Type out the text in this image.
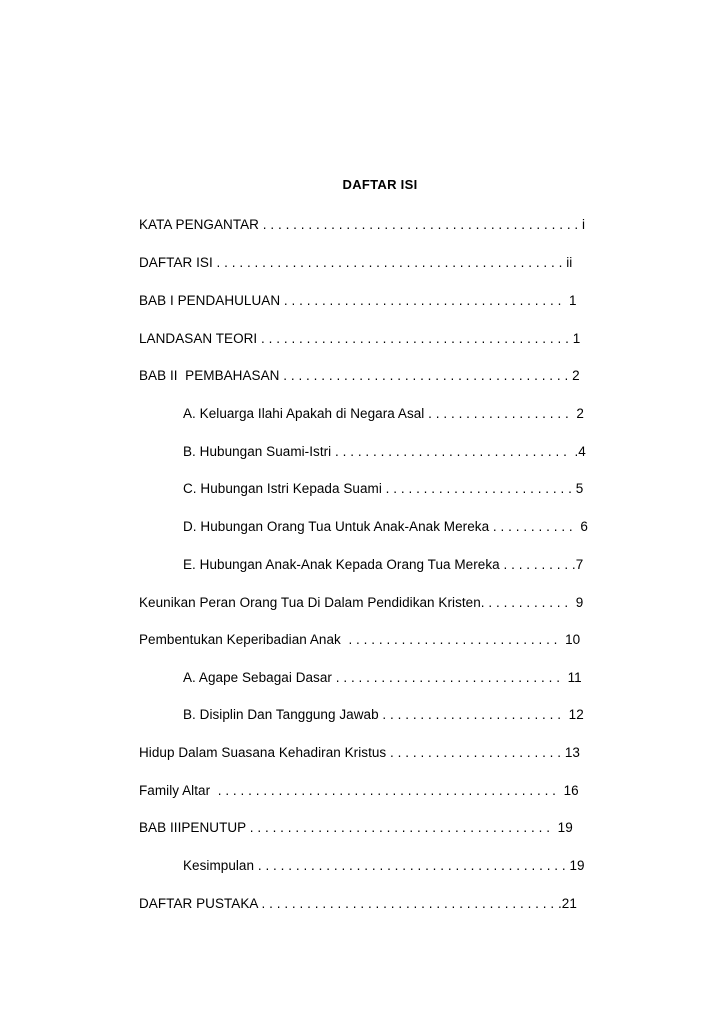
DAFTAR ISI
KATA PENGANTAR . . . . . . . . . . . . . . . . . . . . . . . . . . . . . . . . . . . . . . . . . . i
DAFTAR ISI . . . . . . . . . . . . . . . . . . . . . . . . . . . . . . . . . . . . . . . . . . . . . . ii
BAB I PENDAHULUAN . . . . . . . . . . . . . . . . . . . . . . . . . . . . . . . . . . . . .  1
LANDASAN TEORI . . . . . . . . . . . . . . . . . . . . . . . . . . . . . . . . . . . . . . . . . 1
BAB II  PEMBAHASAN . . . . . . . . . . . . . . . . . . . . . . . . . . . . . . . . . . . . . . 2
A. Keluarga Ilahi Apakah di Negara Asal . . . . . . . . . . . . . . . . . . .  2
B. Hubungan Suami-Istri . . . . . . . . . . . . . . . . . . . . . . . . . . . . . . .  .4
C. Hubungan Istri Kepada Suami . . . . . . . . . . . . . . . . . . . . . . . . . 5
D. Hubungan Orang Tua Untuk Anak-Anak Mereka . . . . . . . . . . .  6
E. Hubungan Anak-Anak Kepada Orang Tua Mereka . . . . . . . . . .7
Keunikan Peran Orang Tua Di Dalam Pendidikan Kristen. . . . . . . . . . . .  9
Pembentukan Keperibadian Anak  . . . . . . . . . . . . . . . . . . . . . . . . . . . .  10
A. Agape Sebagai Dasar . . . . . . . . . . . . . . . . . . . . . . . . . . . . . .  11
B. Disiplin Dan Tanggung Jawab . . . . . . . . . . . . . . . . . . . . . . . .  12
Hidup Dalam Suasana Kehadiran Kristus . . . . . . . . . . . . . . . . . . . . . . . 13
Family Altar  . . . . . . . . . . . . . . . . . . . . . . . . . . . . . . . . . . . . . . . . . . . . .  16
BAB IIIPENUTUP . . . . . . . . . . . . . . . . . . . . . . . . . . . . . . . . . . . . . . . .  19
Kesimpulan . . . . . . . . . . . . . . . . . . . . . . . . . . . . . . . . . . . . . . . . . 19
DAFTAR PUSTAKA . . . . . . . . . . . . . . . . . . . . . . . . . . . . . . . . . . . . . . . .21
